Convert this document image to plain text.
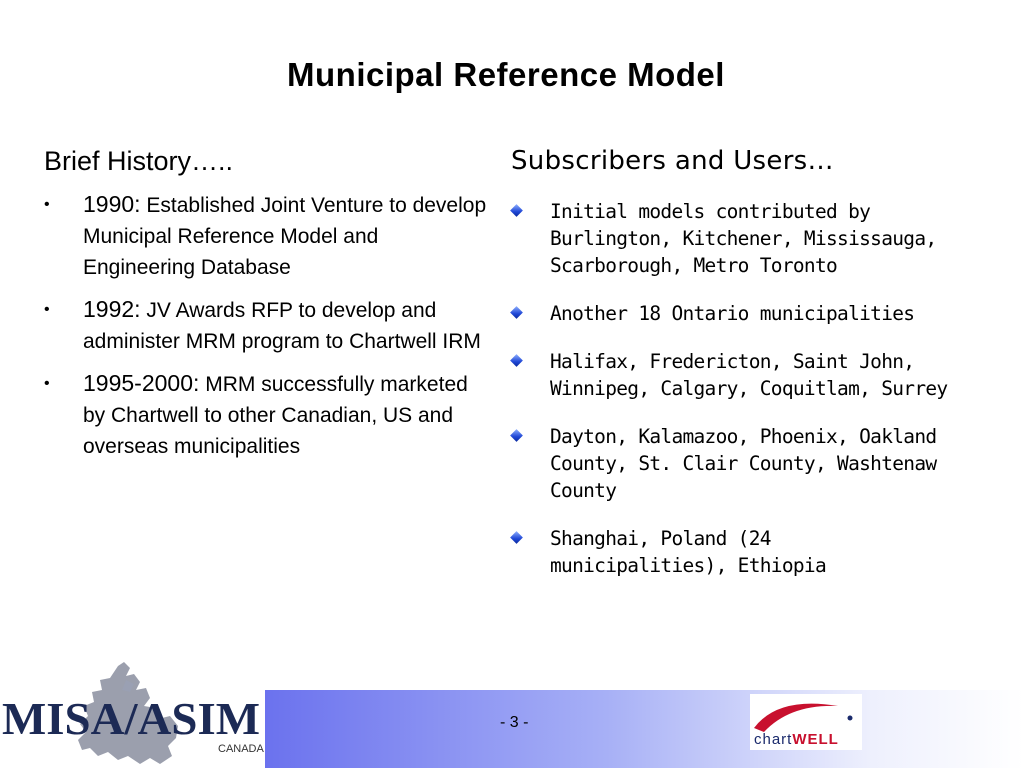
Municipal Reference Model
Brief History…..
• 1990: Established Joint Venture to develop Municipal Reference Model and Engineering Database
• 1992: JV Awards RFP to develop and administer MRM program to Chartwell IRM
• 1995-2000: MRM successfully marketed by Chartwell to other Canadian, US and overseas municipalities
Subscribers and Users…
Initial models contributed by Burlington, Kitchener, Mississauga, Scarborough, Metro Toronto
Another 18 Ontario municipalities
Halifax, Fredericton, Saint John, Winnipeg, Calgary, Coquitlam, Surrey
Dayton, Kalamazoo, Phoenix, Oakland County, St. Clair County, Washtenaw County
Shanghai, Poland (24 municipalities), Ethiopia
- 3 -
MISA/ASIM
CANADA
chartWELL
